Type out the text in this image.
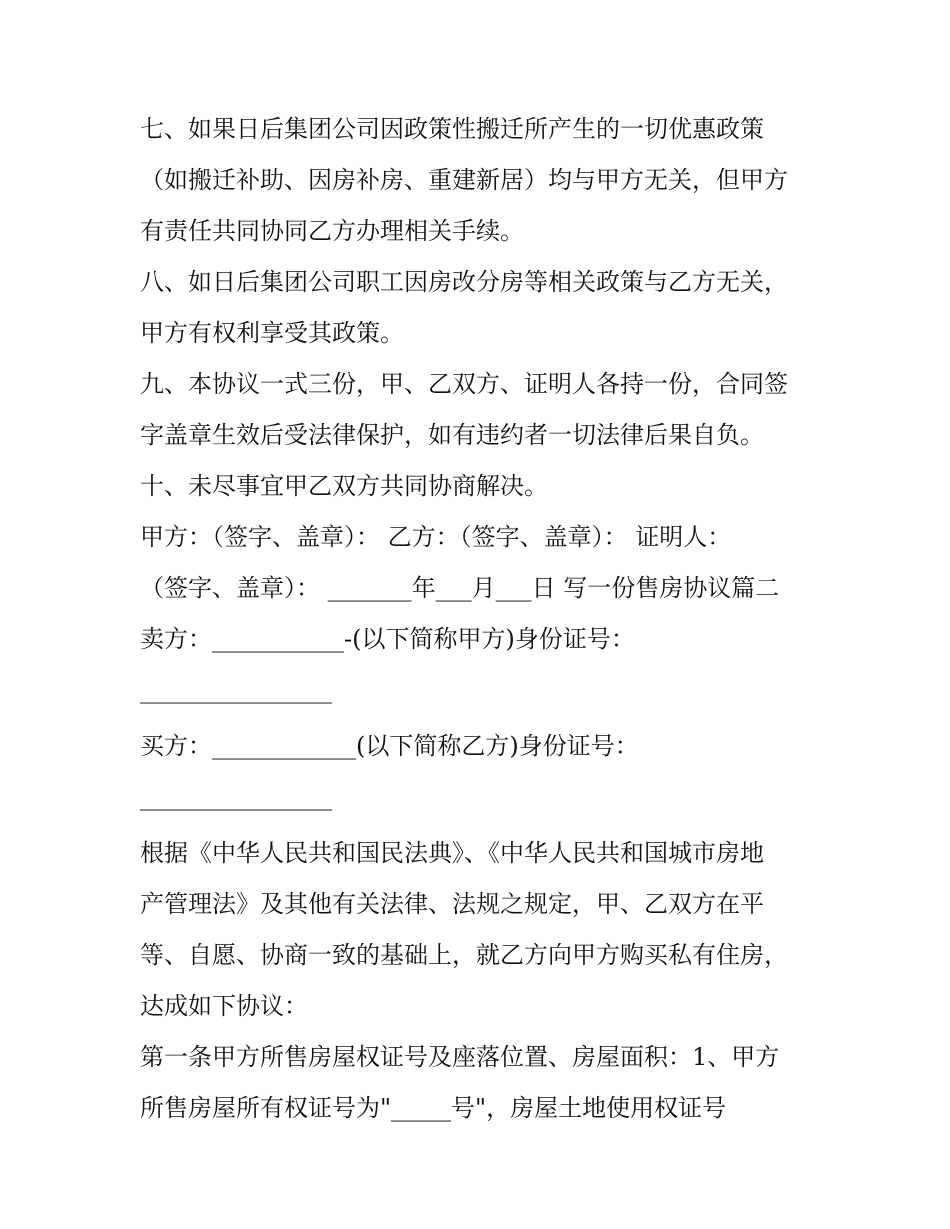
七、如果日后集团公司因政策性搬迁所产生的一切优惠政策
（如搬迁补助、因房补房、重建新居）均与甲方无关，但甲方
有责任共同协同乙方办理相关手续。
八、如日后集团公司职工因房改分房等相关政策与乙方无关，
甲方有权利享受其政策。
九、本协议一式三份，甲、乙双方、证明人各持一份，合同签
字盖章生效后受法律保护，如有违约者一切法律后果自负。
十、未尽事宜甲乙双方共同协商解决。
甲方：（签字、盖章）： 乙方：（签字、盖章）： 证明人：
（签字、盖章）： _______年___月___日 写一份售房协议篇二
卖方：___________-(以下简称甲方)身份证号：
________________
买方：____________(以下简称乙方)身份证号：
________________
根据《中华人民共和国民法典》、《中华人民共和国城市房地
产管理法》及其他有关法律、法规之规定，甲、乙双方在平
等、自愿、协商一致的基础上，就乙方向甲方购买私有住房，
达成如下协议：
第一条甲方所售房屋权证号及座落位置、房屋面积：1、甲方
所售房屋所有权证号为"_____号"，房屋土地使用权证号
